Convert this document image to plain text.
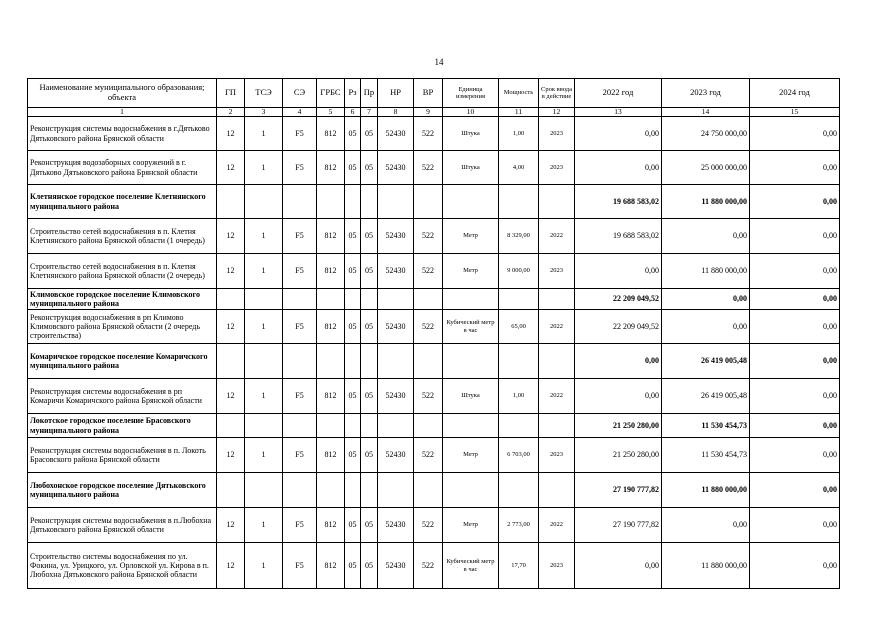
14
Наименование муниципального образования; объекта	ГП	ТСЭ	СЭ	ГРБС	Рз	Пр	НР	ВР	Единица измерения	Мощность	Срок ввода в действие	2022 год	2023 год	2024 год
1	2	3	4	5	6	7	8	9	10	11	12	13	14	15
Реконструкция системы водоснабжения в г.Дятьково Дятьковского района Брянской области	12	1	F5	812	05	05	52430	522	Штука	1,00	2023	0,00	24 750 000,00	0,00
Реконструкция водозаборных сооружений в г. Дятьково Дятьковского района Брянской области	12	1	F5	812	05	05	52430	522	Штука	4,00	2023	0,00	25 000 000,00	0,00
Клетнянское городское поселение Клетнянского муниципального района												19 688 583,02	11 880 000,00	0,00
Строительство сетей водоснабжения в п. Клетня Клетнянского района Брянской области (1 очередь)	12	1	F5	812	05	05	52430	522	Метр	8 329,00	2022	19 688 583,02	0,00	0,00
Строительство сетей водоснабжения в п. Клетня Клетнянского района Брянской области (2 очередь)	12	1	F5	812	05	05	52430	522	Метр	9 000,00	2023	0,00	11 880 000,00	0,00
Климовское городское поселение Климовского муниципального района												22 209 049,52	0,00	0,00
Реконструкция водоснабжения в рп Климово Климовского района Брянской области (2 очередь строительства)	12	1	F5	812	05	05	52430	522	Кубический метр в час	65,00	2022	22 209 049,52	0,00	0,00
Комаричское городское поселение Комаричского муниципального района												0,00	26 419 005,48	0,00
Реконструкция системы водоснабжения в рп Комаричи Комаричского района Брянской области	12	1	F5	812	05	05	52430	522	Штука	1,00	2022	0,00	26 419 005,48	0,00
Локотское городское поселение Брасовского муниципального района												21 250 280,00	11 530 454,73	0,00
Реконструкция системы водоснабжения в п. Локоть Брасовского района Брянской области	12	1	F5	812	05	05	52430	522	Метр	6 703,00	2023	21 250 280,00	11 530 454,73	0,00
Любохонское городское поселение Дятьковского муниципального района												27 190 777,82	11 880 000,00	0,00
Реконструкция системы водоснабжения в п.Любохна Дятьковского района Брянской области	12	1	F5	812	05	05	52430	522	Метр	2 773,00	2022	27 190 777,82	0,00	0,00
Строительство системы водоснабжения по ул. Фокина, ул. Урицкого, ул. Орловской ул. Кирова в п. Любохна Дятьковского района Брянской области	12	1	F5	812	05	05	52430	522	Кубический метр в час	17,70	2023	0,00	11 880 000,00	0,00
